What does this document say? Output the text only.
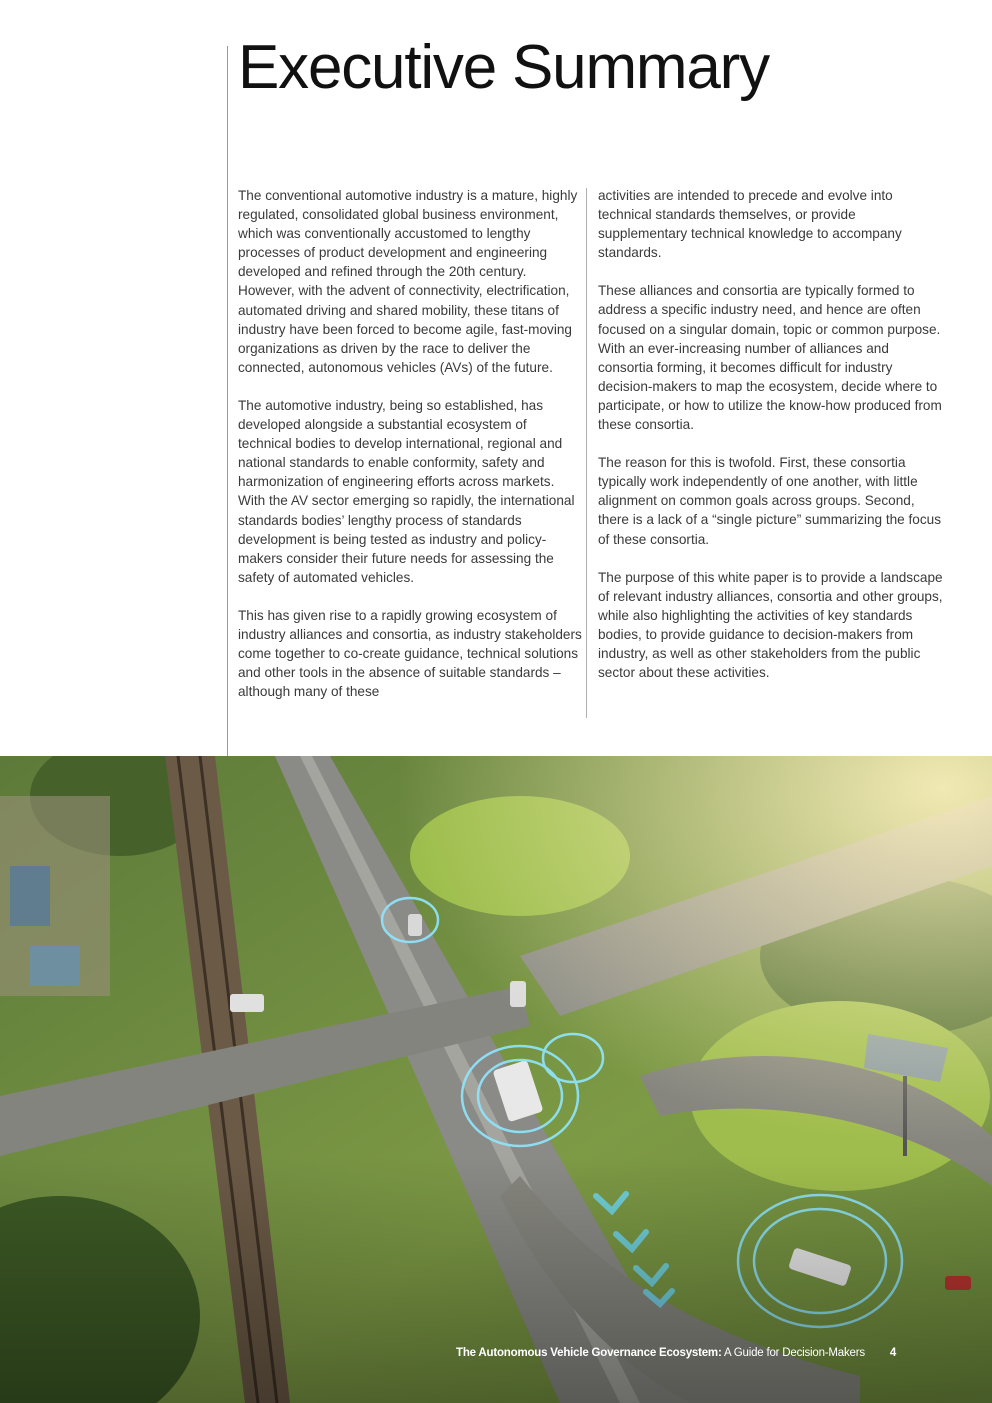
Executive Summary

The conventional automotive industry is a mature, highly regulated, consolidated global business environment, which was conventionally accustomed to lengthy processes of product development and engineering developed and refined through the 20th century. However, with the advent of connectivity, electrification, automated driving and shared mobility, these titans of industry have been forced to become agile, fast-moving organizations as driven by the race to deliver the connected, autonomous vehicles (AVs) of the future.

The automotive industry, being so established, has developed alongside a substantial ecosystem of technical bodies to develop international, regional and national standards to enable conformity, safety and harmonization of engineering efforts across markets. With the AV sector emerging so rapidly, the international standards bodies’ lengthy process of standards development is being tested as industry and policy-makers consider their future needs for assessing the safety of automated vehicles.

This has given rise to a rapidly growing ecosystem of industry alliances and consortia, as industry stakeholders come together to co-create guidance, technical solutions and other tools in the absence of suitable standards – although many of these

activities are intended to precede and evolve into technical standards themselves, or provide supplementary technical knowledge to accompany standards.

These alliances and consortia are typically formed to address a specific industry need, and hence are often focused on a singular domain, topic or common purpose. With an ever-increasing number of alliances and consortia forming, it becomes difficult for industry decision-makers to map the ecosystem, decide where to participate, or how to utilize the know-how produced from these consortia.

The reason for this is twofold. First, these consortia typically work independently of one another, with little alignment on common goals across groups. Second, there is a lack of a “single picture” summarizing the focus of these consortia.

The purpose of this white paper is to provide a landscape of relevant industry alliances, consortia and other groups, while also highlighting the activities of key standards bodies, to provide guidance to decision-makers from industry, as well as other stakeholders from the public sector about these activities.

The Autonomous Vehicle Governance Ecosystem: A Guide for Decision-Makers 4
